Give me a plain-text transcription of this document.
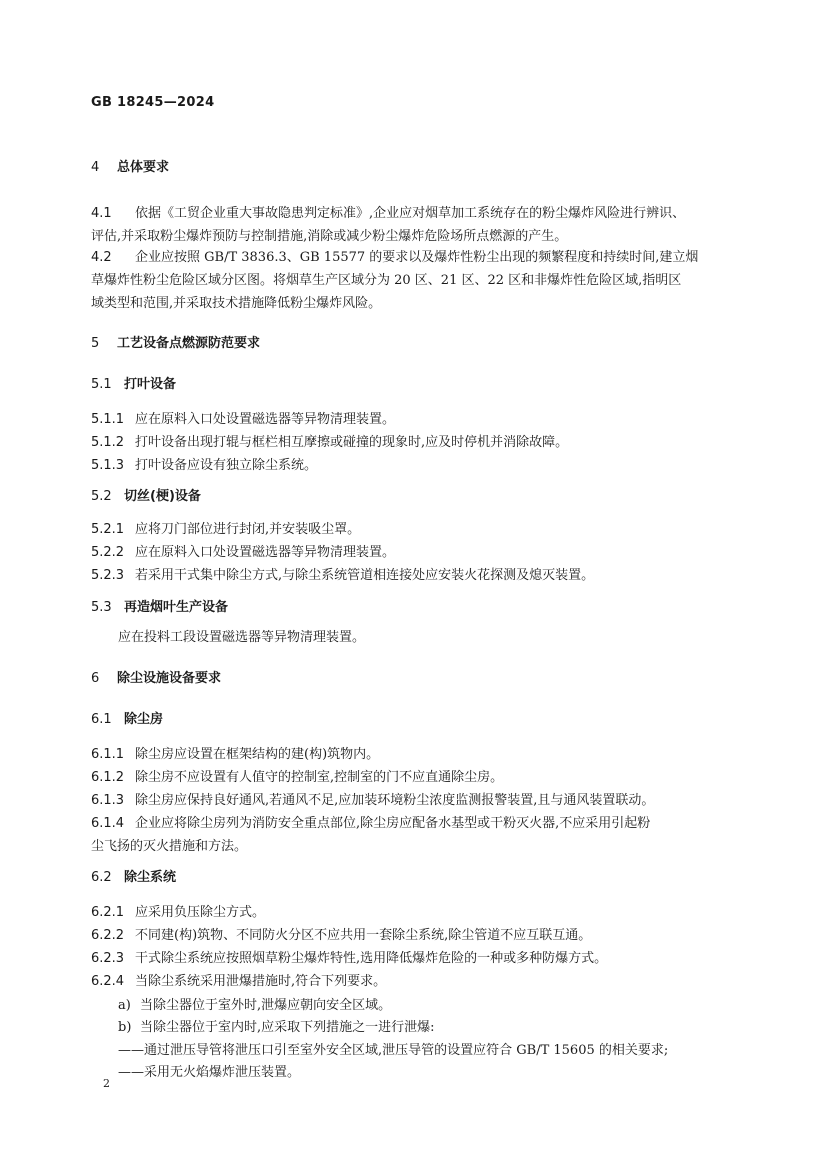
GB 18245—2024
4 总体要求
4.1 依据《工贸企业重大事故隐患判定标准》,企业应对烟草加工系统存在的粉尘爆炸风险进行辨识、
评估,并采取粉尘爆炸预防与控制措施,消除或减少粉尘爆炸危险场所点燃源的产生。
4.2 企业应按照 GB/T 3836.3、GB 15577 的要求以及爆炸性粉尘出现的频繁程度和持续时间,建立烟
草爆炸性粉尘危险区域分区图。将烟草生产区域分为 20 区、21 区、22 区和非爆炸性危险区域,指明区
域类型和范围,并采取技术措施降低粉尘爆炸风险。
5 工艺设备点燃源防范要求
5.1 打叶设备
5.1.1 应在原料入口处设置磁选器等异物清理装置。
5.1.2 打叶设备出现打辊与框栏相互摩擦或碰撞的现象时,应及时停机并消除故障。
5.1.3 打叶设备应设有独立除尘系统。
5.2 切丝(梗)设备
5.2.1 应将刀门部位进行封闭,并安装吸尘罩。
5.2.2 应在原料入口处设置磁选器等异物清理装置。
5.2.3 若采用干式集中除尘方式,与除尘系统管道相连接处应安装火花探测及熄灭装置。
5.3 再造烟叶生产设备
应在投料工段设置磁选器等异物清理装置。
6 除尘设施设备要求
6.1 除尘房
6.1.1 除尘房应设置在框架结构的建(构)筑物内。
6.1.2 除尘房不应设置有人值守的控制室,控制室的门不应直通除尘房。
6.1.3 除尘房应保持良好通风,若通风不足,应加装环境粉尘浓度监测报警装置,且与通风装置联动。
6.1.4 企业应将除尘房列为消防安全重点部位,除尘房应配备水基型或干粉灭火器,不应采用引起粉
尘飞扬的灭火措施和方法。
6.2 除尘系统
6.2.1 应采用负压除尘方式。
6.2.2 不同建(构)筑物、不同防火分区不应共用一套除尘系统,除尘管道不应互联互通。
6.2.3 干式除尘系统应按照烟草粉尘爆炸特性,选用降低爆炸危险的一种或多种防爆方式。
6.2.4 当除尘系统采用泄爆措施时,符合下列要求。
a) 当除尘器位于室外时,泄爆应朝向安全区域。
b) 当除尘器位于室内时,应采取下列措施之一进行泄爆:
——通过泄压导管将泄压口引至室外安全区域,泄压导管的设置应符合 GB/T 15605 的相关要求;
——采用无火焰爆炸泄压装置。
2
